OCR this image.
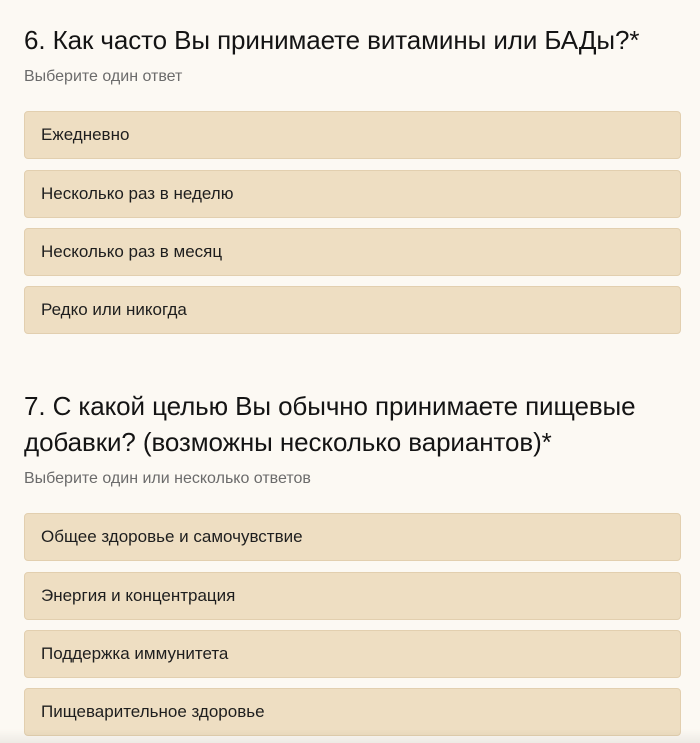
6. Как часто Вы принимаете витамины или БАДы?*

Выберите один ответ

Ежедневно
Несколько раз в неделю
Несколько раз в месяц
Редко или никогда
7. С какой целью Вы обычно принимаете пищевые
добавки? (возможны несколько вариантов)*

Выберите один или несколько ответов

Общее здоровье и самочувствие
Энергия и концентрация
Поддержка иммунитета
Пищеварительное здоровье
